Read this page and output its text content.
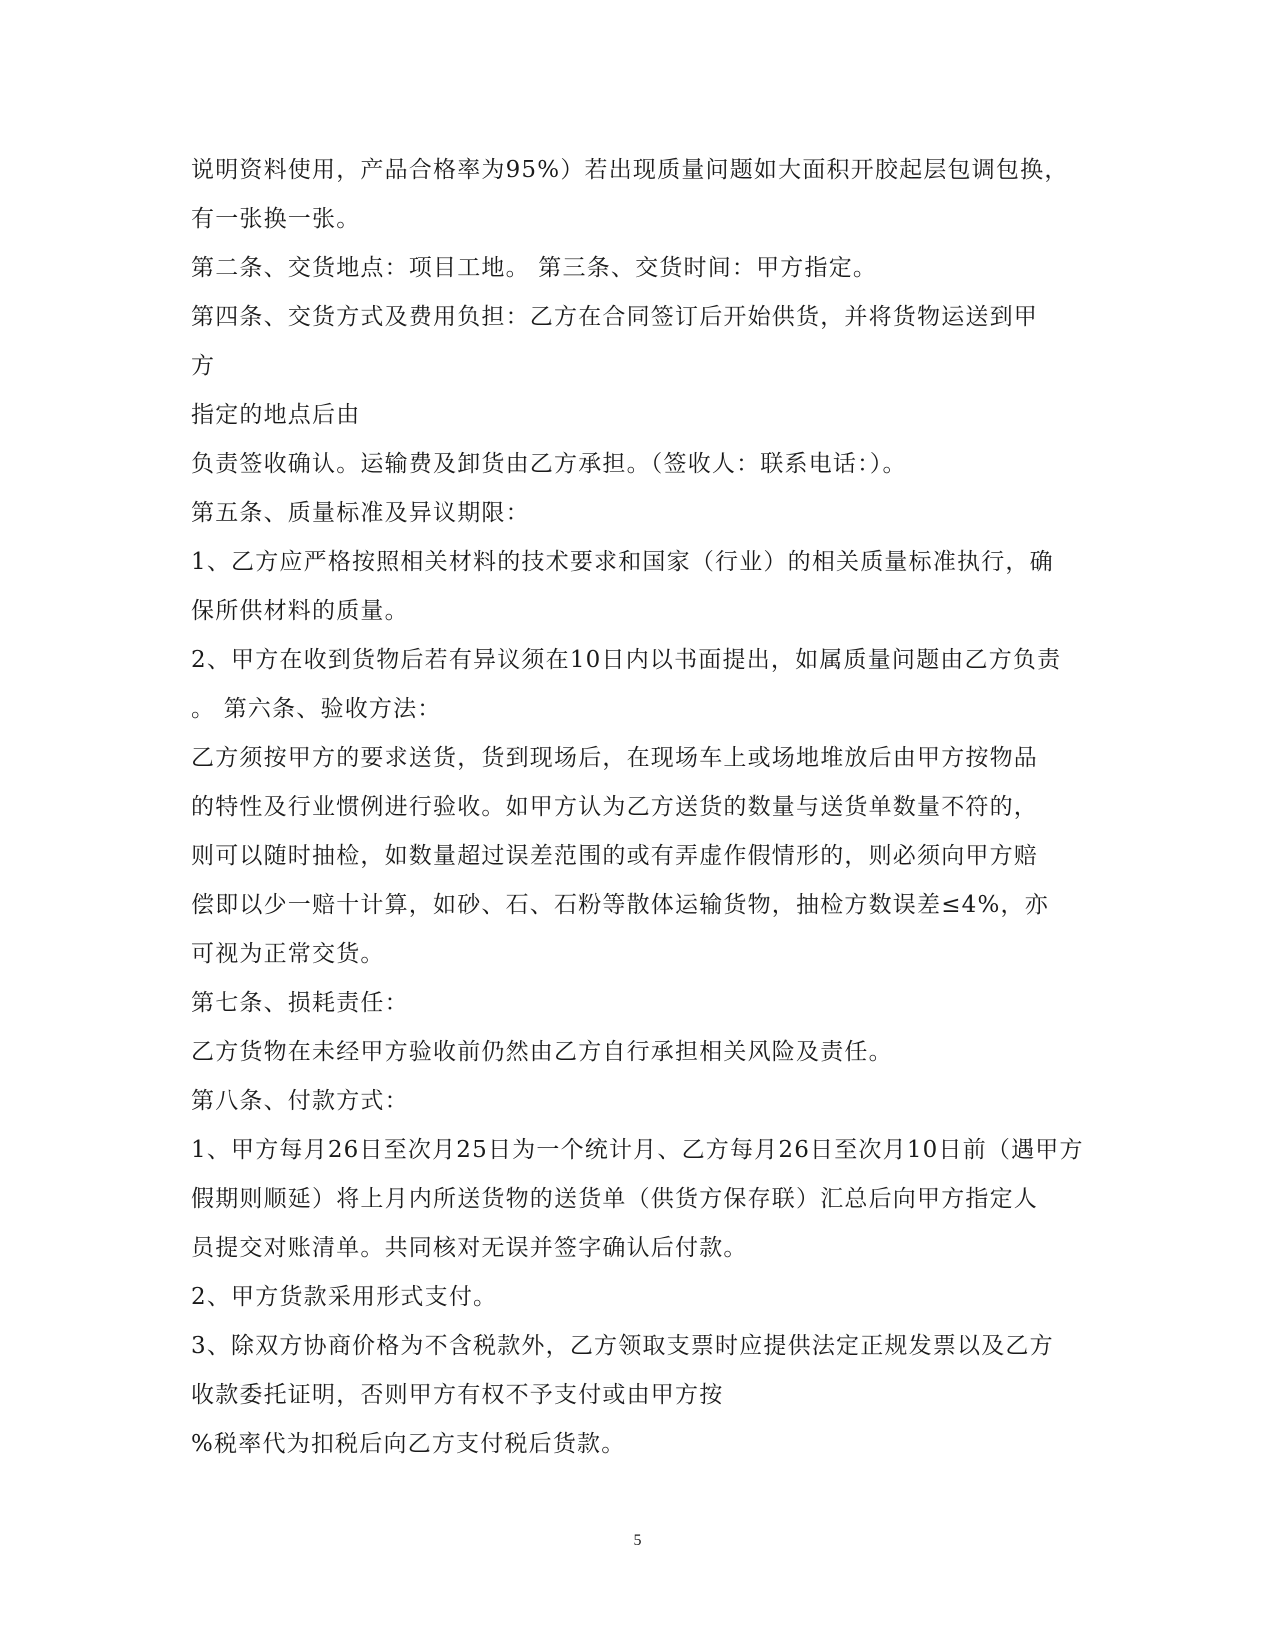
说明资料使用，产品合格率为95%）若出现质量问题如大面积开胶起层包调包换，

有一张换一张。

第二条、交货地点：项目工地。 第三条、交货时间：甲方指定。

第四条、交货方式及费用负担：乙方在合同签订后开始供货，并将货物运送到甲

方

指定的地点后由

负责签收确认。运输费及卸货由乙方承担。（签收人：联系电话：）。

第五条、质量标准及异议期限：

1、乙方应严格按照相关材料的技术要求和国家（行业）的相关质量标准执行，确

保所供材料的质量。

2、甲方在收到货物后若有异议须在10日内以书面提出，如属质量问题由乙方负责

。 第六条、验收方法：

乙方须按甲方的要求送货，货到现场后，在现场车上或场地堆放后由甲方按物品

的特性及行业惯例进行验收。如甲方认为乙方送货的数量与送货单数量不符的，

则可以随时抽检，如数量超过误差范围的或有弄虚作假情形的，则必须向甲方赔

偿即以少一赔十计算，如砂、石、石粉等散体运输货物，抽检方数误差≤4%，亦

可视为正常交货。

第七条、损耗责任：

乙方货物在未经甲方验收前仍然由乙方自行承担相关风险及责任。

第八条、付款方式：

1、甲方每月26日至次月25日为一个统计月、乙方每月26日至次月10日前（遇甲方

假期则顺延）将上月内所送货物的送货单（供货方保存联）汇总后向甲方指定人

员提交对账清单。共同核对无误并签字确认后付款。

2、甲方货款采用形式支付。

3、除双方协商价格为不含税款外，乙方领取支票时应提供法定正规发票以及乙方

收款委托证明，否则甲方有权不予支付或由甲方按

%税率代为扣税后向乙方支付税后货款。

5
